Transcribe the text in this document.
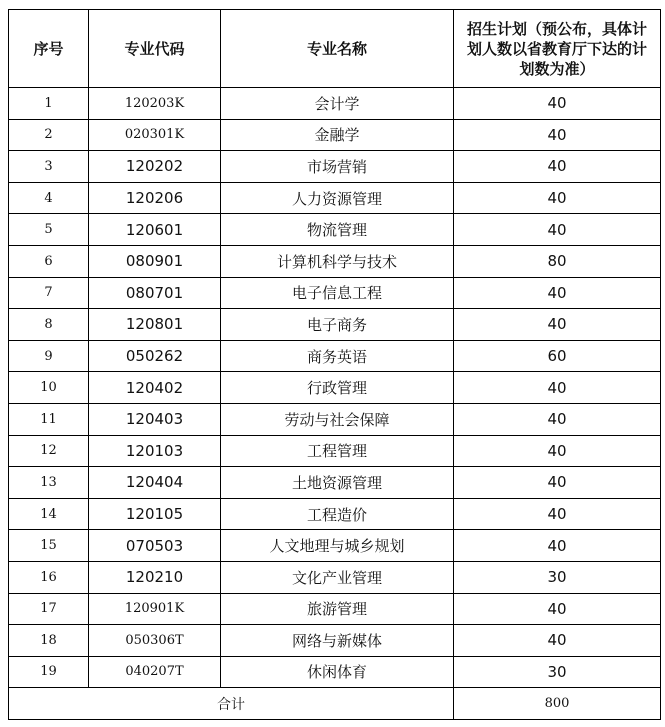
序号	专业代码	专业名称	招生计划（预公布，具体计划人数以省教育厅下达的计划数为准）
1	120203K	会计学	40
2	020301K	金融学	40
3	120202	市场营销	40
4	120206	人力资源管理	40
5	120601	物流管理	40
6	080901	计算机科学与技术	80
7	080701	电子信息工程	40
8	120801	电子商务	40
9	050262	商务英语	60
10	120402	行政管理	40
11	120403	劳动与社会保障	40
12	120103	工程管理	40
13	120404	土地资源管理	40
14	120105	工程造价	40
15	070503	人文地理与城乡规划	40
16	120210	文化产业管理	30
17	120901K	旅游管理	40
18	050306T	网络与新媒体	40
19	040207T	休闲体育	30
合计			800
